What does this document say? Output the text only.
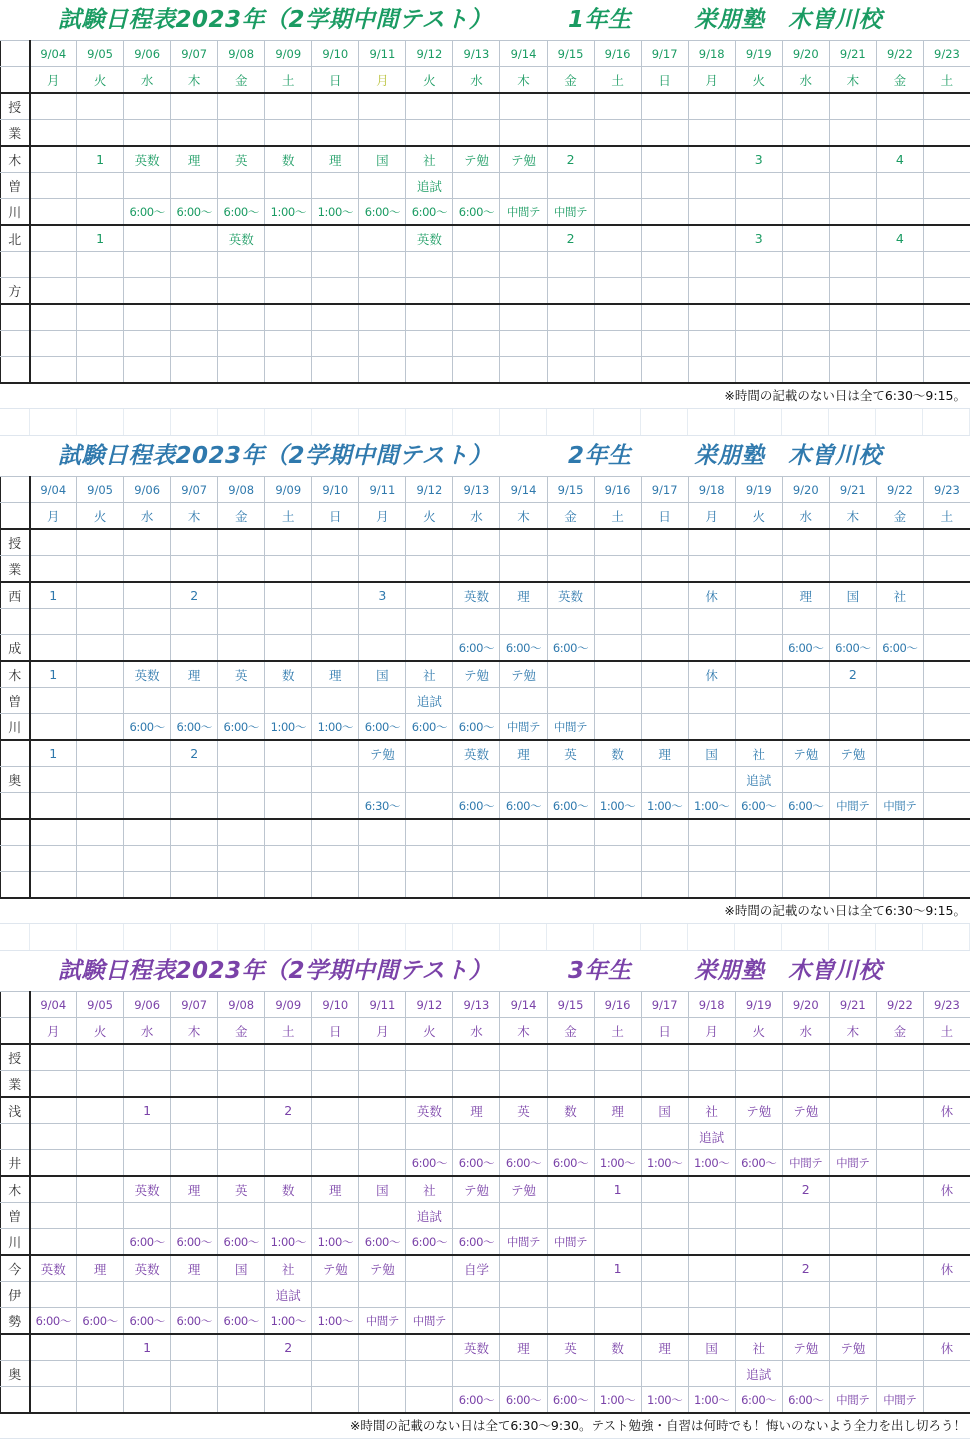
試験日程表2023年（2学期中間テスト）	1年生	栄朋塾　木曽川校
	9/04	9/05	9/06	9/07	9/08	9/09	9/10	9/11	9/12	9/13	9/14	9/15	9/16	9/17	9/18	9/19	9/20	9/21	9/22	9/23
	月	火	水	木	金	土	日	月	火	水	木	金	土	日	月	火	水	木	金	土
授																				
業																				
木		1	英数	理	英	数	理	国	社	テ勉	テ勉	2				3			4	
曽									追試											
川			6:00～	6:00～	6:00～	1:00～	1:00～	6:00～	6:00～	6:00～	中間テ	中間テ								
北		1			英数				英数			2				3			4	

方																				

※時間の記載のない日は全て6:30～9:15。
試験日程表2023年（2学期中間テスト）	2年生	栄朋塾　木曽川校
	9/04	9/05	9/06	9/07	9/08	9/09	9/10	9/11	9/12	9/13	9/14	9/15	9/16	9/17	9/18	9/19	9/20	9/21	9/22	9/23
	月	火	水	木	金	土	日	月	火	水	木	金	土	日	月	火	水	木	金	土
授																				
業																				
西	1			2				3		英数	理	英数			休		理	国	社	

成										6:00～	6:00～	6:00～					6:00～	6:00～	6:00～	
木	1		英数	理	英	数	理	国	社	テ勉	テ勉				休			2		
曽									追試											
川			6:00～	6:00～	6:00～	1:00～	1:00～	6:00～	6:00～	6:00～	中間テ	中間テ								
	1			2				テ勉		英数	理	英	数	理	国	社	テ勉	テ勉		
奥																追試				
								6:30～		6:00～	6:00～	6:00～	1:00～	1:00～	1:00～	6:00～	6:00～	中間テ	中間テ	

※時間の記載のない日は全て6:30～9:15。
試験日程表2023年（2学期中間テスト）	3年生	栄朋塾　木曽川校
	9/04	9/05	9/06	9/07	9/08	9/09	9/10	9/11	9/12	9/13	9/14	9/15	9/16	9/17	9/18	9/19	9/20	9/21	9/22	9/23
	月	火	水	木	金	土	日	月	火	水	木	金	土	日	月	火	水	木	金	土
授																				
業																				
浅			1			2			英数	理	英	数	理	国	社	テ勉	テ勉			休
															追試					
井									6:00～	6:00～	6:00～	6:00～	1:00～	1:00～	1:00～	6:00～	中間テ	中間テ		
木			英数	理	英	数	理	国	社	テ勉	テ勉		1				2			休
曽									追試											
川			6:00～	6:00～	6:00～	1:00～	1:00～	6:00～	6:00～	6:00～	中間テ	中間テ								
今	英数	理	英数	理	国	社	テ勉	テ勉		自学			1				2			休
伊						追試														
勢	6:00～	6:00～	6:00～	6:00～	6:00～	1:00～	1:00～	中間テ	中間テ											
			1			2				英数	理	英	数	理	国	社	テ勉	テ勉		休
奥																追試				
										6:00～	6:00～	6:00～	1:00～	1:00～	1:00～	6:00～	6:00～	中間テ	中間テ	
※時間の記載のない日は全て6:30～9:30。テスト勉強・自習は何時でも！悔いのないよう全力を出し切ろう！
